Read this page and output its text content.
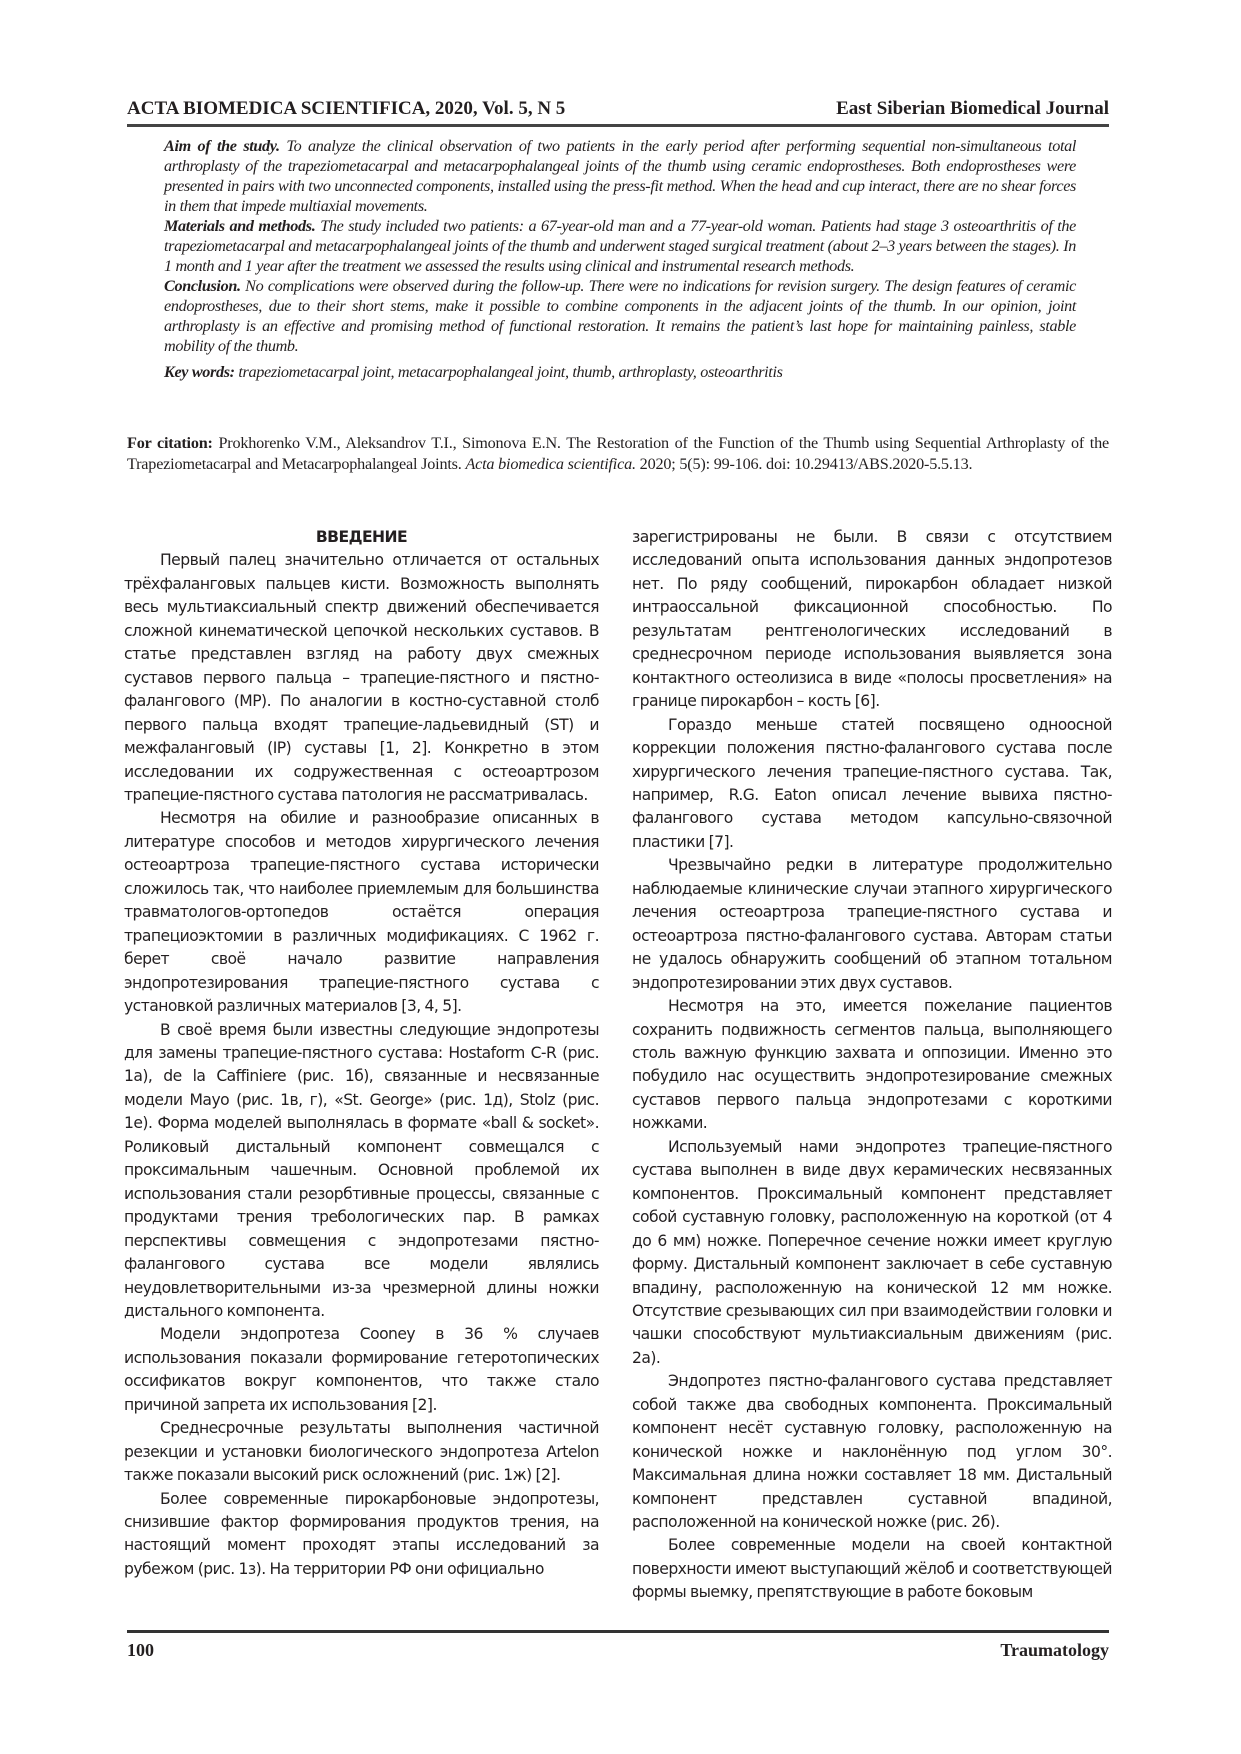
ACTA BIOMEDICA SCIENTIFICA, 2020, Vol. 5, N 5	East Siberian Biomedical Journal

Aim of the study. To analyze the clinical observation of two patients in the early period after performing sequential non-simultaneous total arthroplasty of the trapeziometacarpal and metacarpophalangeal joints of the thumb using ceramic endoprostheses. Both endoprostheses were presented in pairs with two unconnected components, installed using the press-fit method. When the head and cup interact, there are no shear forces in them that impede multiaxial movements.

Materials and methods. The study included two patients: a 67-year-old man and a 77-year-old woman. Patients had stage 3 osteoarthritis of the trapeziometacarpal and metacarpophalangeal joints of the thumb and underwent staged surgical treatment (about 2–3 years between the stages). In 1 month and 1 year after the treatment we assessed the results using clinical and instrumental research methods.

Conclusion. No complications were observed during the follow-up. There were no indications for revision surgery. The design features of ceramic endoprostheses, due to their short stems, make it possible to combine components in the adjacent joints of the thumb. In our opinion, joint arthroplasty is an effective and promising method of functional restoration. It remains the patient’s last hope for maintaining painless, stable mobility of the thumb.

Key words: trapeziometacarpal joint, metacarpophalangeal joint, thumb, arthroplasty, osteoarthritis

For citation: Prokhorenko V.M., Aleksandrov T.I., Simonova E.N. The Restoration of the Function of the Thumb using Sequential Arthroplasty of the Trapeziometacarpal and Metacarpophalangeal Joints. Acta biomedica scientifica. 2020; 5(5): 99-106. doi: 10.29413/ABS.2020-5.5.13.
ВВЕДЕНИЕ

Первый палец значительно отличается от остальных трёхфаланговых пальцев кисти. Возможность выполнять весь мультиаксиальный спектр движений обеспечивается сложной кинематической цепочкой нескольких суставов. В статье представлен взгляд на работу двух смежных суставов первого пальца – трапецие-пястного и пястно-фалангового (MP). По аналогии в костно-суставной столб первого пальца входят трапецие-ладьевидный (ST) и межфаланговый (IP) суставы [1, 2]. Конкретно в этом исследовании их содружественная с остеоартрозом трапецие-пястного сустава патология не рассматривалась.

Несмотря на обилие и разнообразие описанных в литературе способов и методов хирургического лечения остеоартроза трапецие-пястного сустава исторически сложилось так, что наиболее приемлемым для большинства травматологов-ортопедов остаётся операция трапециоэктомии в различных модификациях. С 1962 г. берет своё начало развитие направления эндопротезирования трапецие-пястного сустава с установкой различных материалов [3, 4, 5].

В своё время были известны следующие эндопротезы для замены трапецие-пястного сустава: Hostaform C-R (рис. 1а), de la Caffiniere (рис. 1б), связанные и несвязанные модели Mayo (рис. 1в, г), «St. George» (рис. 1д), Stolz (рис. 1е). Форма моделей выполнялась в формате «ball & socket». Роликовый дистальный компонент совмещался с проксимальным чашечным. Основной проблемой их использования стали резорбтивные процессы, связанные с продуктами трения требологических пар. В рамках перспективы совмещения с эндопротезами пястно-фалангового сустава все модели являлись неудовлетворительными из-за чрезмерной длины ножки дистального компонента.

Модели эндопротеза Cooney в 36 % случаев использования показали формирование гетеротопических оссификатов вокруг компонентов, что также стало причиной запрета их использования [2].

Среднесрочные результаты выполнения частичной резекции и установки биологического эндопротеза Artelon также показали высокий риск осложнений (рис. 1ж) [2].

Более современные пирокарбоновые эндопротезы, снизившие фактор формирования продуктов трения, на настоящий момент проходят этапы исследований за рубежом (рис. 1з). На территории РФ они официально

зарегистрированы не были. В связи с отсутствием исследований опыта использования данных эндопротезов нет. По ряду сообщений, пирокарбон обладает низкой интраоссальной фиксационной способностью. По результатам рентгенологических исследований в среднесрочном периоде использования выявляется зона контактного остеолизиса в виде «полосы просветления» на границе пирокарбон – кость [6].

Гораздо меньше статей посвящено одноосной коррекции положения пястно-фалангового сустава после хирургического лечения трапецие-пястного сустава. Так, например, R.G. Eaton описал лечение вывиха пястно-фалангового сустава методом капсульно-связочной пластики [7].

Чрезвычайно редки в литературе продолжительно наблюдаемые клинические случаи этапного хирургического лечения остеоартроза трапецие-пястного сустава и остеоартроза пястно-фалангового сустава. Авторам статьи не удалось обнаружить сообщений об этапном тотальном эндопротезировании этих двух суставов.

Несмотря на это, имеется пожелание пациентов сохранить подвижность сегментов пальца, выполняющего столь важную функцию захвата и оппозиции. Именно это побудило нас осуществить эндопротезирование смежных суставов первого пальца эндопротезами с короткими ножками.

Используемый нами эндопротез трапецие-пястного сустава выполнен в виде двух керамических несвязанных компонентов. Проксимальный компонент представляет собой суставную головку, расположенную на короткой (от 4 до 6 мм) ножке. Поперечное сечение ножки имеет круглую форму. Дистальный компонент заключает в себе суставную впадину, расположенную на конической 12 мм ножке. Отсутствие срезывающих сил при взаимодействии головки и чашки способствуют мультиаксиальным движениям (рис. 2а).

Эндопротез пястно-фалангового сустава представляет собой также два свободных компонента. Проксимальный компонент несёт суставную головку, расположенную на конической ножке и наклонённую под углом 30°. Максимальная длина ножки составляет 18 мм. Дистальный компонент представлен суставной впадиной, расположенной на конической ножке (рис. 2б).

Более современные модели на своей контактной поверхности имеют выступающий жёлоб и соответствующей формы выемку, препятствующие в работе боковым

100	Traumatology
